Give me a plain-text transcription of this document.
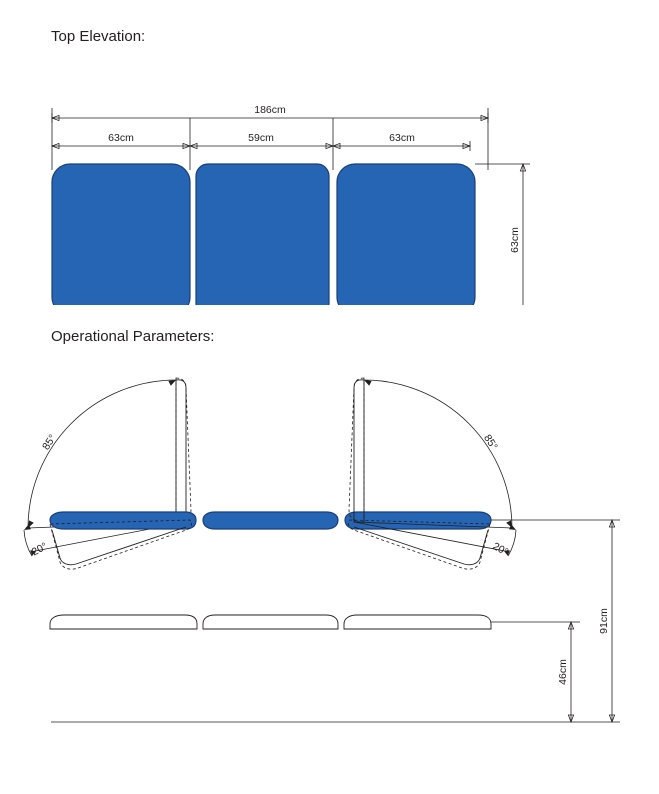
Top Elevation:
Operational Parameters:
186cm
63cm	59cm	63cm
63cm
85°
20°
85°
20°
91cm
46cm
